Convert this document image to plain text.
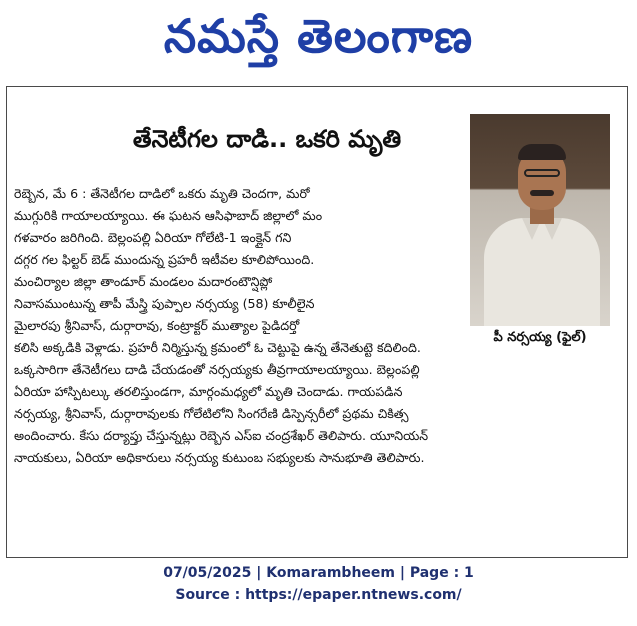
నమస్తే తెలంగాణ
తేనెటీగల దాడి.. ఒకరి మృతి
పీ నర్సయ్య (ఫైల్)
రెబ్బెన, మే 6 : తేనెటీగల దాడిలో ఒకరు మృతి చెందగా, మరో
ముగ్గురికి గాయాలయ్యాయి. ఈ ఘటన ఆసిఫాబాద్ జిల్లాలో మం
గళవారం జరిగింది. బెల్లంపల్లి ఏరియా గోలేటి-1 ఇంక్లైన్ గని
దగ్గర గల ఫిల్టర్ బెడ్ ముందున్న ప్రహరీ ఇటీవల కూలిపోయింది.
మంచిర్యాల జిల్లా తాండూర్ మండలం మదారంటౌన్షిప్లో
నివాసముంటున్న తాపీ మేస్త్రి పుప్పాల నర్సయ్య (58) కూలీలైన
మైలారపు శ్రీనివాస్, దుర్గారావు, కంట్రాక్టర్ ముత్యాల పైడిదర్తో
కలిసి అక్కడికి వెళ్లాడు. ప్రహరీ నిర్మిస్తున్న క్రమంలో ఓ చెట్టుపై ఉన్న తేనెతుట్టె కదిలింది.
ఒక్కసారిగా తేనెటీగలు దాడి చేయడంతో నర్సయ్యకు తీవ్రగాయాలయ్యాయి. బెల్లంపల్లి
ఏరియా హాస్పిటల్కు తరలిస్తుండగా, మార్గంమధ్యలో మృతి చెందాడు. గాయపడిన
నర్సయ్య, శ్రీనివాస్, దుర్గారావులకు గోలేటిలోని సింగరేణి డిస్పెన్సరీలో ప్రథమ చికిత్స
అందించారు. కేసు దర్యాప్తు చేస్తున్నట్లు రెబ్బెన ఎస్ఐ చంద్రశేఖర్ తెలిపారు. యూనియన్
నాయకులు, ఏరియా అధికారులు నర్సయ్య కుటుంబ సభ్యులకు సానుభూతి తెలిపారు.
07/05/2025 | Komarambheem | Page : 1
Source : https://epaper.ntnews.com/
